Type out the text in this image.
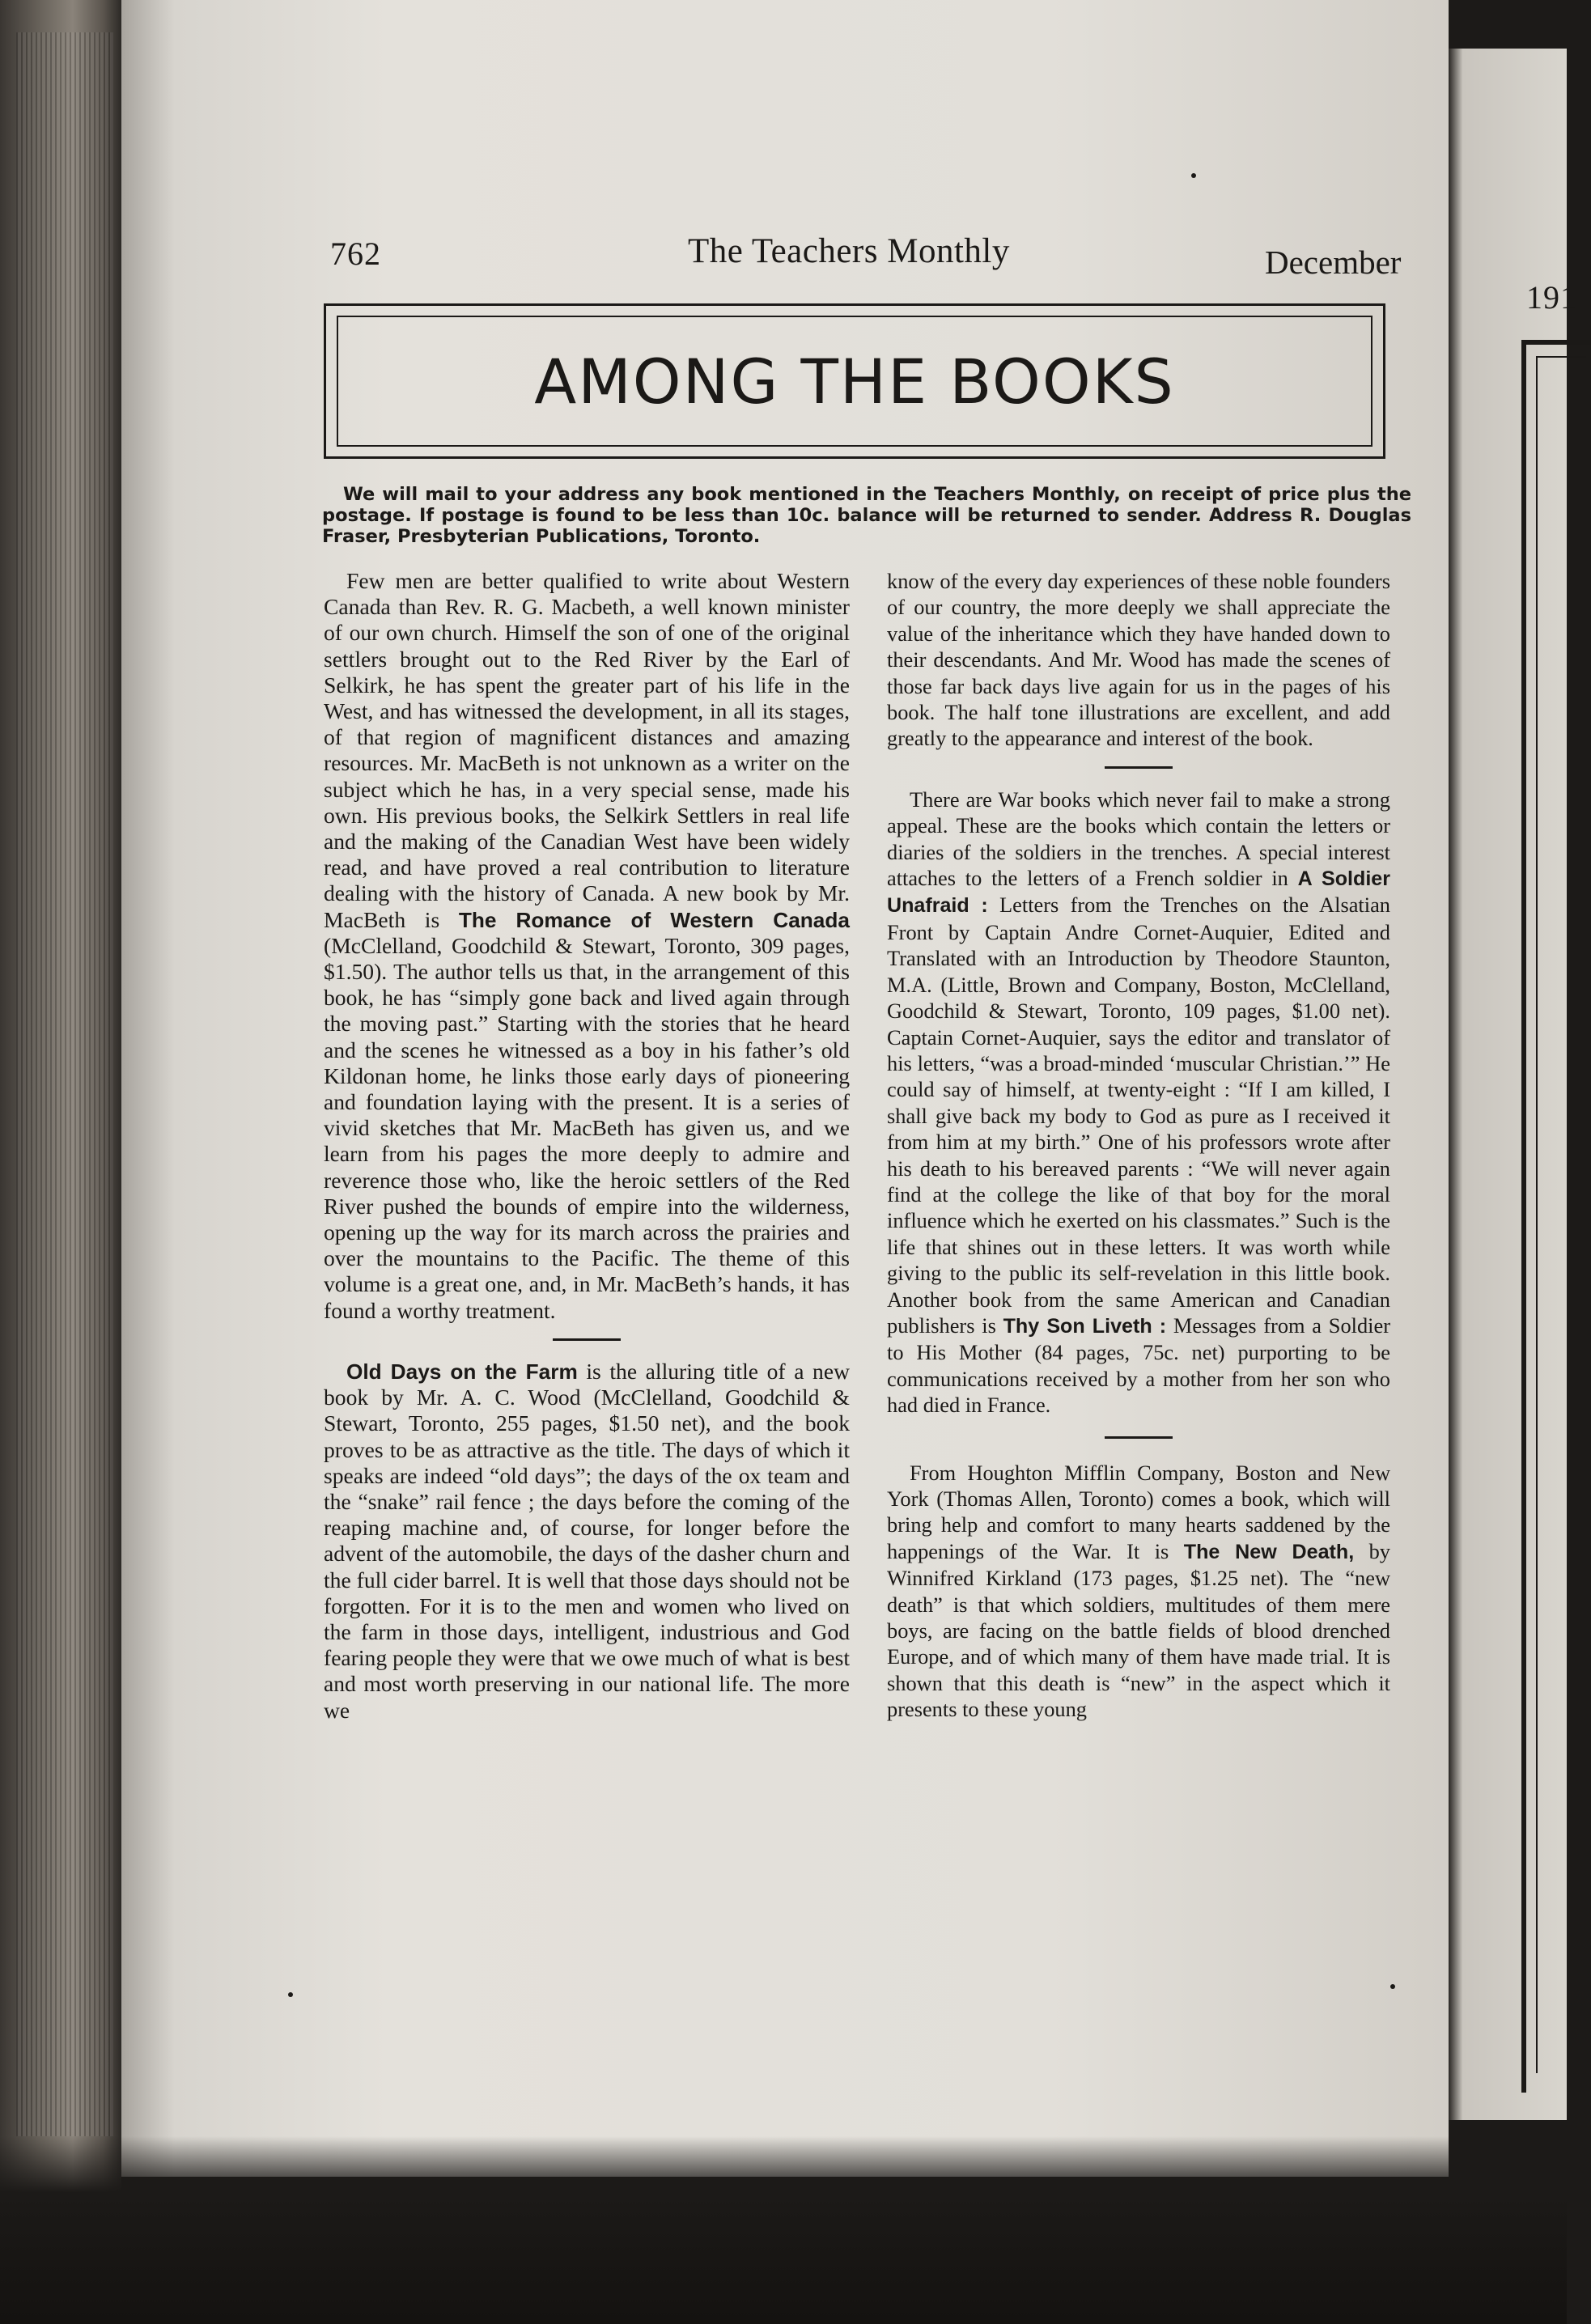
191
762	The Teachers Monthly	December
AMONG THE BOOKS

We will mail to your address any book mentioned in the Teachers Monthly, on receipt of price plus the postage. If postage is found to be less than 10c. balance will be returned to sender. Address R. Douglas Fraser, Presbyterian Publications, Toronto.

Few men are better qualified to write about Western Canada than Rev. R. G. Macbeth, a well known minister of our own church. Himself the son of one of the original settlers brought out to the Red River by the Earl of Selkirk, he has spent the greater part of his life in the West, and has witnessed the development, in all its stages, of that region of magnificent distances and amazing resources. Mr. MacBeth is not unknown as a writer on the subject which he has, in a very special sense, made his own. His previous books, the Selkirk Settlers in real life and the making of the Canadian West have been widely read, and have proved a real contribution to literature dealing with the history of Canada. A new book by Mr. MacBeth is The Romance of Western Canada (McClelland, Goodchild & Stewart, Toronto, 309 pages, $1.50). The author tells us that, in the arrangement of this book, he has “simply gone back and lived again through the moving past.” Starting with the stories that he heard and the scenes he witnessed as a boy in his father’s old Kildonan home, he links those early days of pioneering and foundation laying with the present. It is a series of vivid sketches that Mr. MacBeth has given us, and we learn from his pages the more deeply to admire and reverence those who, like the heroic settlers of the Red River pushed the bounds of empire into the wilderness, opening up the way for its march across the prairies and over the mountains to the Pacific. The theme of this volume is a great one, and, in Mr. MacBeth’s hands, it has found a worthy treatment.

Old Days on the Farm is the alluring title of a new book by Mr. A. C. Wood (McClelland, Goodchild & Stewart, Toronto, 255 pages, $1.50 net), and the book proves to be as attractive as the title. The days of which it speaks are indeed “old days”; the days of the ox team and the “snake” rail fence ; the days before the coming of the reaping machine and, of course, for longer before the advent of the automobile, the days of the dasher churn and the full cider barrel. It is well that those days should not be forgotten. For it is to the men and women who lived on the farm in those days, intelligent, industrious and God fearing people they were that we owe much of what is best and most worth preserving in our national life. The more we

know of the every day experiences of these noble founders of our country, the more deeply we shall appreciate the value of the inheritance which they have handed down to their descendants. And Mr. Wood has made the scenes of those far back days live again for us in the pages of his book. The half tone illustrations are excellent, and add greatly to the appearance and interest of the book.

There are War books which never fail to make a strong appeal. These are the books which contain the letters or diaries of the soldiers in the trenches. A special interest attaches to the letters of a French soldier in A Soldier Unafraid : Letters from the Trenches on the Alsatian Front by Captain Andre Cornet-Auquier, Edited and Translated with an Introduction by Theodore Staunton, M.A. (Little, Brown and Company, Boston, McClelland, Goodchild & Stewart, Toronto, 109 pages, $1.00 net). Captain Cornet-Auquier, says the editor and translator of his letters, “was a broad-minded ‘muscular Christian.’” He could say of himself, at twenty-eight : “If I am killed, I shall give back my body to God as pure as I received it from him at my birth.” One of his professors wrote after his death to his bereaved parents : “We will never again find at the college the like of that boy for the moral influence which he exerted on his classmates.” Such is the life that shines out in these letters. It was worth while giving to the public its self-revelation in this little book. Another book from the same American and Canadian publishers is Thy Son Liveth : Messages from a Soldier to His Mother (84 pages, 75c. net) purporting to be communications received by a mother from her son who had died in France.

From Houghton Mifflin Company, Boston and New York (Thomas Allen, Toronto) comes a book, which will bring help and comfort to many hearts saddened by the happenings of the War. It is The New Death, by Winnifred Kirkland (173 pages, $1.25 net). The “new death” is that which soldiers, multitudes of them mere boys, are facing on the battle fields of blood drenched Europe, and of which many of them have made trial. It is shown that this death is “new” in the aspect which it presents to these young
